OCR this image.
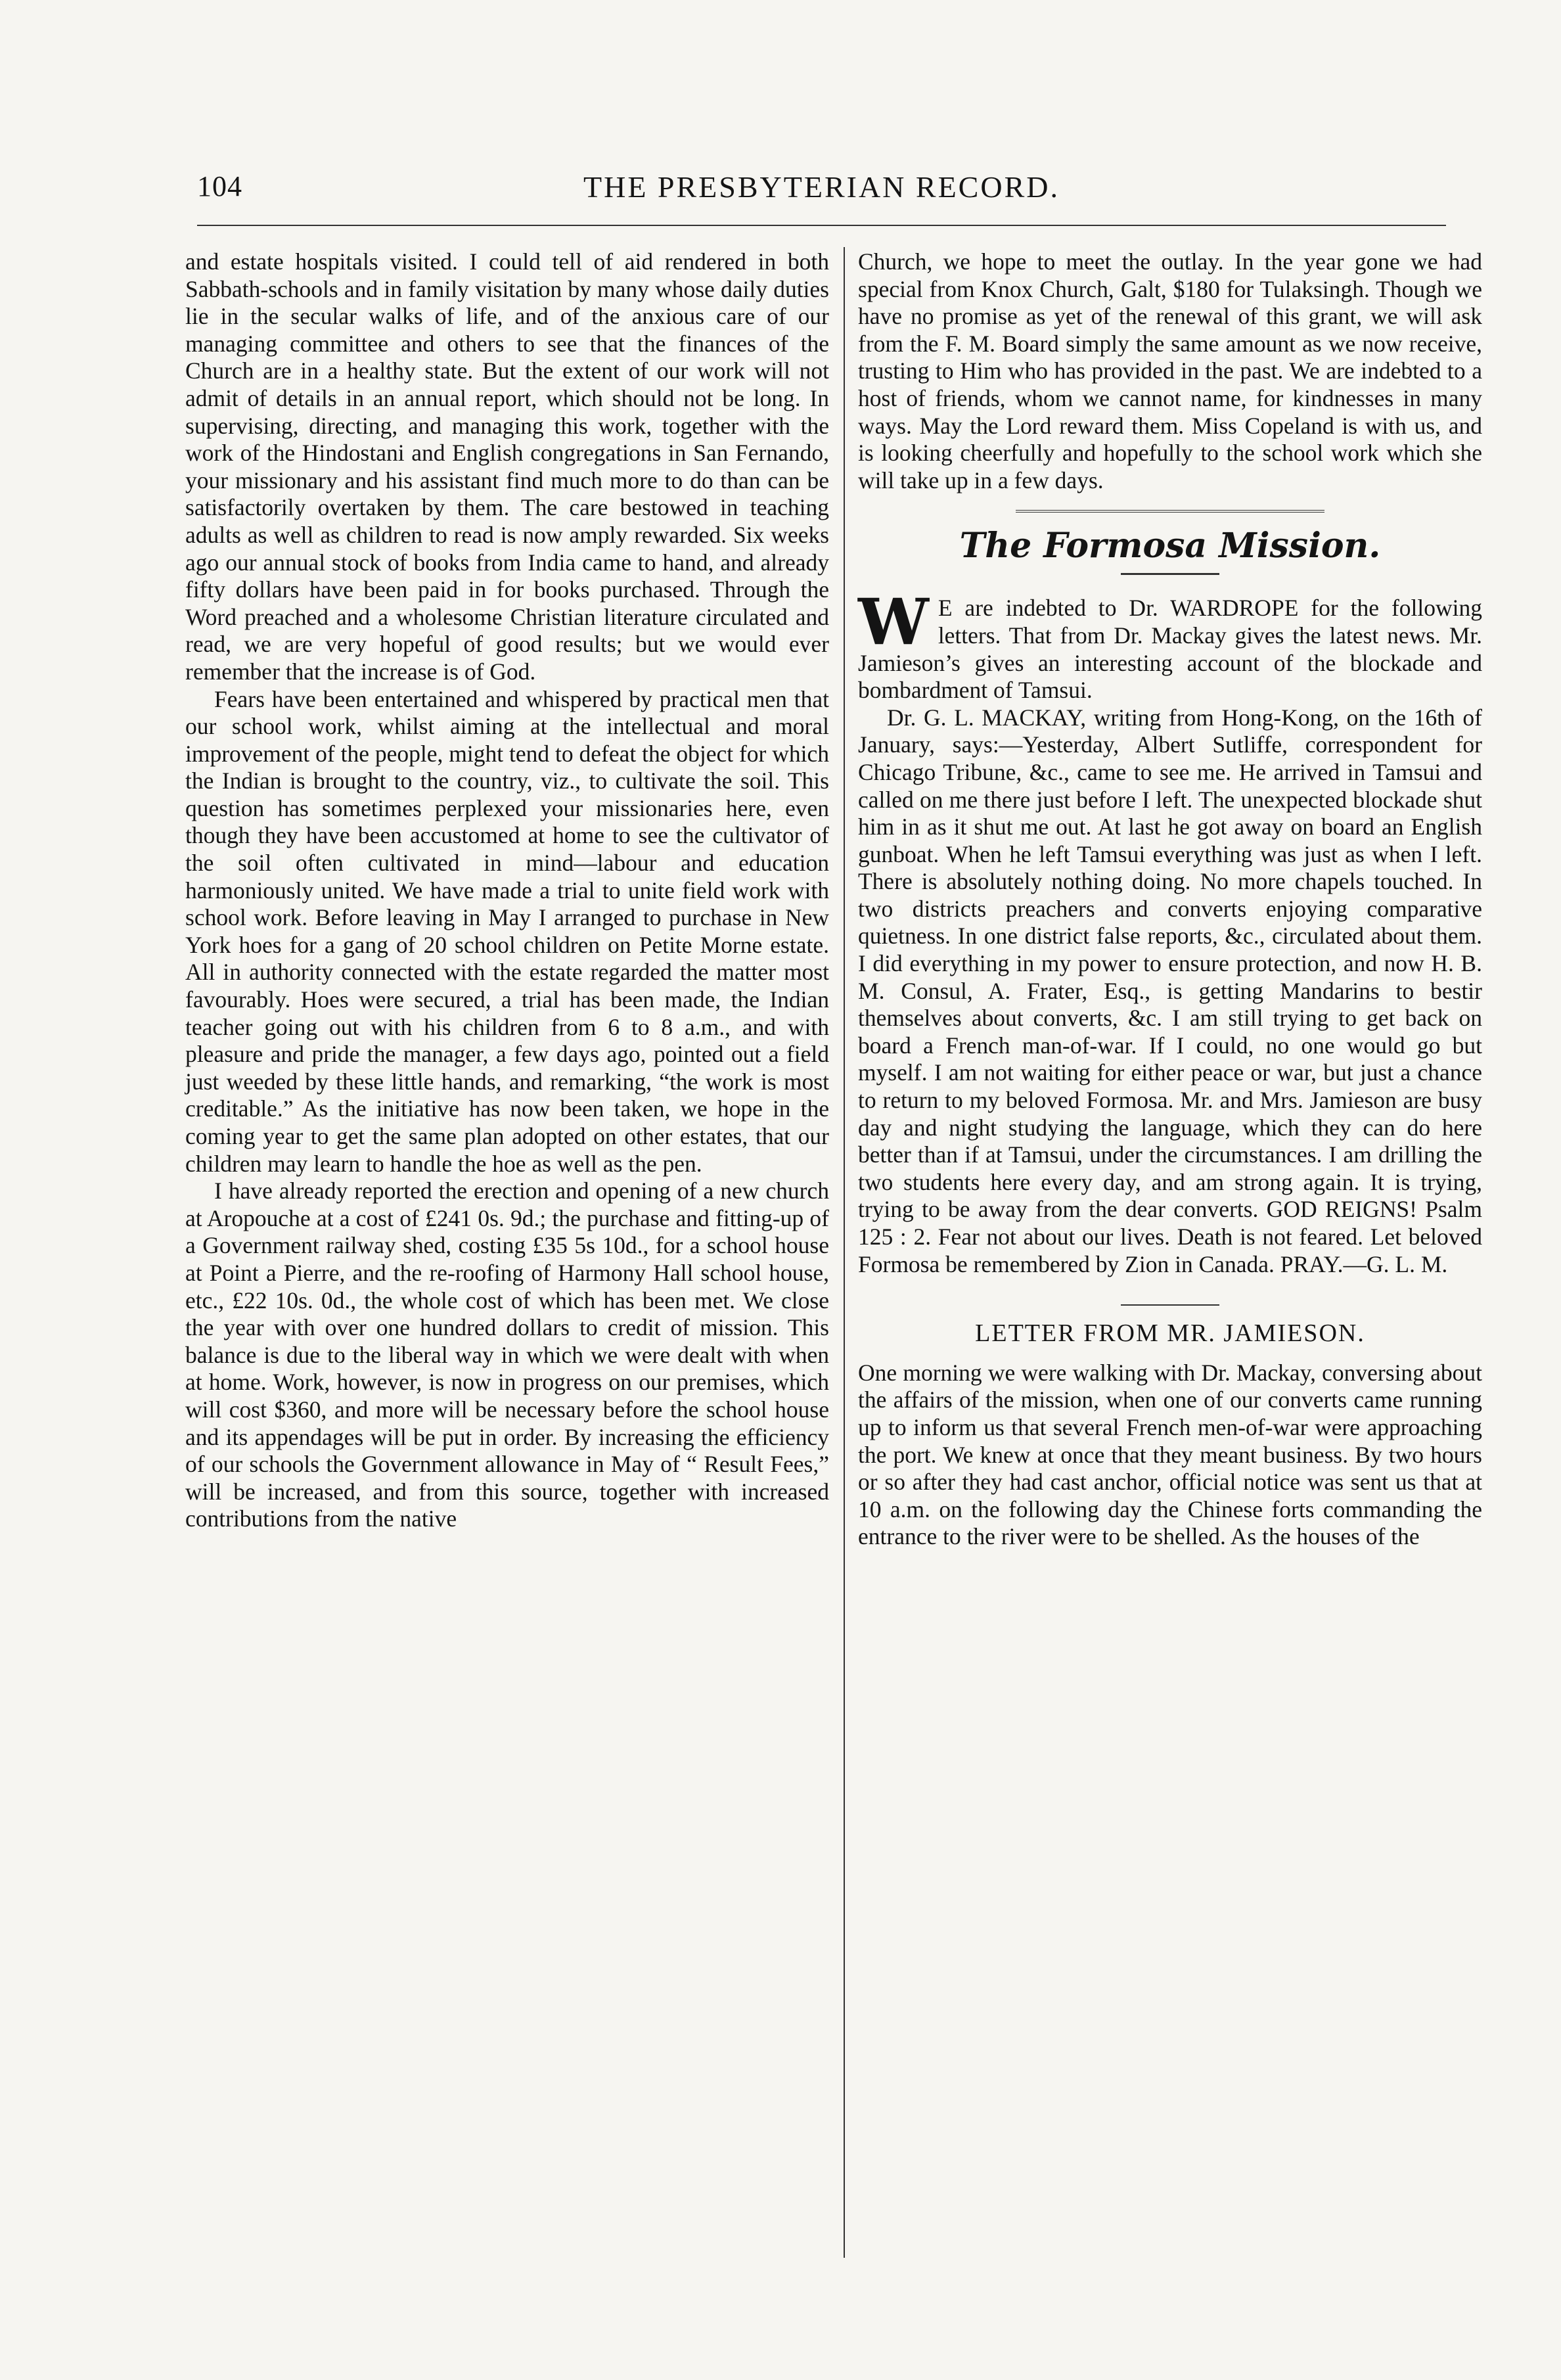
104	THE PRESBYTERIAN RECORD.

and estate hospitals visited. I could tell of aid rendered in both Sabbath-schools and in family visitation by many whose daily duties lie in the secular walks of life, and of the anxious care of our managing committee and others to see that the finances of the Church are in a healthy state. But the extent of our work will not admit of details in an annual report, which should not be long. In supervising, directing, and managing this work, together with the work of the Hindostani and English congregations in San Fernando, your missionary and his assistant find much more to do than can be satisfactorily overtaken by them. The care bestowed in teaching adults as well as children to read is now amply rewarded. Six weeks ago our annual stock of books from India came to hand, and already fifty dollars have been paid in for books purchased. Through the Word preached and a wholesome Christian literature circulated and read, we are very hopeful of good results; but we would ever remember that the increase is of God.

Fears have been entertained and whispered by practical men that our school work, whilst aiming at the intellectual and moral improvement of the people, might tend to defeat the object for which the Indian is brought to the country, viz., to cultivate the soil. This question has sometimes perplexed your missionaries here, even though they have been accustomed at home to see the cultivator of the soil often cultivated in mind—labour and education harmoniously united. We have made a trial to unite field work with school work. Before leaving in May I arranged to purchase in New York hoes for a gang of 20 school children on Petite Morne estate. All in authority connected with the estate regarded the matter most favourably. Hoes were secured, a trial has been made, the Indian teacher going out with his children from 6 to 8 a.m., and with pleasure and pride the manager, a few days ago, pointed out a field just weeded by these little hands, and remarking, “the work is most creditable.” As the initiative has now been taken, we hope in the coming year to get the same plan adopted on other estates, that our children may learn to handle the hoe as well as the pen.

I have already reported the erection and opening of a new church at Aropouche at a cost of £241 0s. 9d.; the purchase and fitting-up of a Government railway shed, costing £35 5s 10d., for a school house at Point a Pierre, and the re-roofing of Harmony Hall school house, etc., £22 10s. 0d., the whole cost of which has been met. We close the year with over one hundred dollars to credit of mission. This balance is due to the liberal way in which we were dealt with when at home. Work, however, is now in progress on our premises, which will cost $360, and more will be necessary before the school house and its appendages will be put in order. By increasing the efficiency of our schools the Government allowance in May of “ Result Fees,” will be increased, and from this source, together with increased contributions from the native

Church, we hope to meet the outlay. In the year gone we had special from Knox Church, Galt, $180 for Tulaksingh. Though we have no promise as yet of the renewal of this grant, we will ask from the F. M. Board simply the same amount as we now receive, trusting to Him who has provided in the past. We are indebted to a host of friends, whom we cannot name, for kindnesses in many ways. May the Lord reward them. Miss Copeland is with us, and is looking cheerfully and hopefully to the school work which she will take up in a few days.

The Formosa Mission.

W E are indebted to Dr. WARDROPE for the following letters. That from Dr. Mackay gives the latest news. Mr. Jamieson’s gives an interesting account of the blockade and bombardment of Tamsui.

Dr. G. L. MACKAY, writing from Hong-Kong, on the 16th of January, says:—Yesterday, Albert Sutliffe, correspondent for Chicago Tribune, &c., came to see me. He arrived in Tamsui and called on me there just before I left. The unexpected blockade shut him in as it shut me out. At last he got away on board an English gunboat. When he left Tamsui everything was just as when I left. There is absolutely nothing doing. No more chapels touched. In two districts preachers and converts enjoying comparative quietness. In one district false reports, &c., circulated about them. I did everything in my power to ensure protection, and now H. B. M. Consul, A. Frater, Esq., is getting Mandarins to bestir themselves about converts, &c. I am still trying to get back on board a French man-of-war. If I could, no one would go but myself. I am not waiting for either peace or war, but just a chance to return to my beloved Formosa. Mr. and Mrs. Jamieson are busy day and night studying the language, which they can do here better than if at Tamsui, under the circumstances. I am drilling the two students here every day, and am strong again. It is trying, trying to be away from the dear converts. GOD REIGNS! Psalm 125 : 2. Fear not about our lives. Death is not feared. Let beloved Formosa be remembered by Zion in Canada. PRAY.—G. L. M.

LETTER FROM MR. JAMIESON.

One morning we were walking with Dr. Mackay, conversing about the affairs of the mission, when one of our converts came running up to inform us that several French men-of-war were approaching the port. We knew at once that they meant business. By two hours or so after they had cast anchor, official notice was sent us that at 10 a.m. on the following day the Chinese forts commanding the entrance to the river were to be shelled. As the houses of the
